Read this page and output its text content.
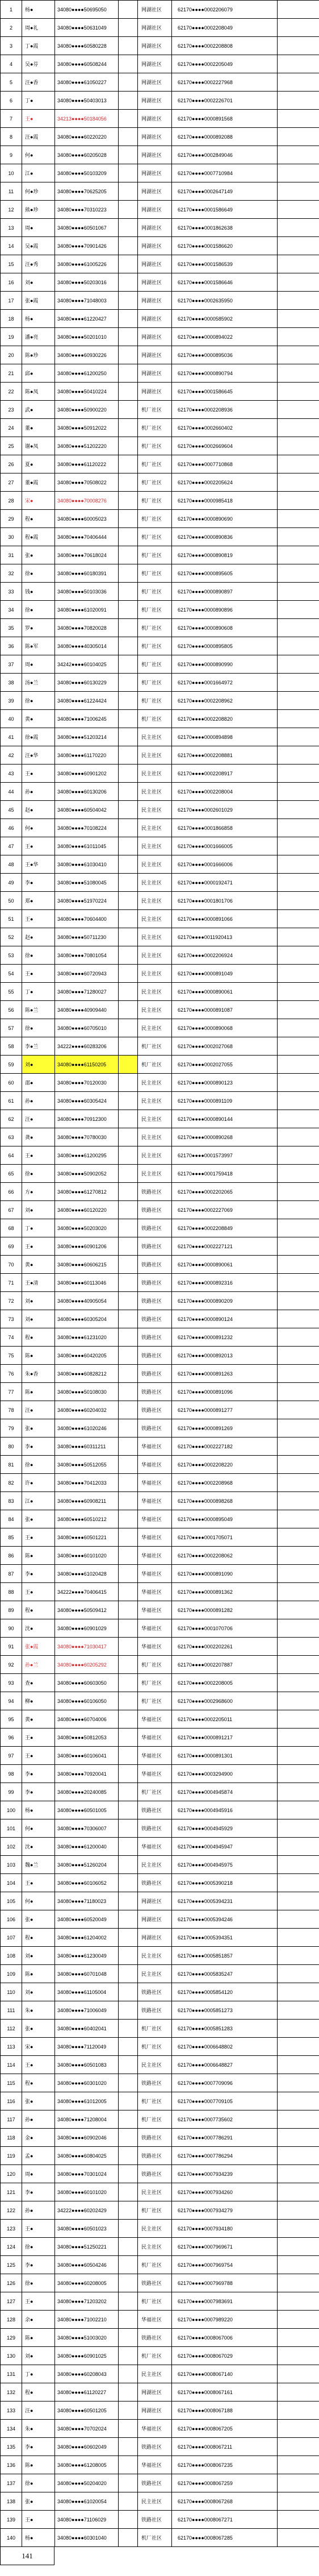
1	杨●	34080●●●●50695050		网湖社区	62170●●●●0002206079	
2	周●礼	34080●●●●50631049		网湖社区	62170●●●●0002208049	
3	丁●霞	34080●●●●60580228		网湖社区	62170●●●●0002208808	
4	吴●芬	34080●●●●60508244		网湖社区	62170●●●●0002205049	
5	汪●香	34080●●●●61050227		网湖社区	62170●●●●0002227968	
6	丁●	34080●●●●50403013		网湖社区	62170●●●●0002226701	
7	王●	34213●●●●50184056		网湖社区	62170●●●●0000891568	
8	汪●霞	34080●●●●60220220		网湖社区	62170●●●●0000892088	
9	何●	34080●●●●60205028		网湖社区	62170●●●●0002849046	
10	江●	34080●●●●50103209		网湖社区	62170●●●●0007710984	
11	何●珍	34080●●●●70625205		网湖社区	62170●●●●0002647149	
12	熊●珍	34080●●●●70310223		网湖社区	62170●●●●0001586649	
13	周●	34080●●●●60501067		网湖社区	62170●●●●0001862638	
14	吴●霞	34080●●●●70901426		网湖社区	62170●●●●0001586620	
15	汪●秀	34080●●●●61005226		网湖社区	62170●●●●0001586539	
16	刘●	34080●●●●50203016		网湖社区	62170●●●●0001586646	
17	张●霞	34080●●●●71048003		网湖社区	62170●●●●0002635950	
18	杨●	34080●●●●61220427		网湖社区	62170●●●●0000585902	
19	潘●亮	34080●●●●50201010		网湖社区	62170●●●●0000894022	
20	陈●珍	34080●●●●60930226		网湖社区	62170●●●●0000895036	
21	邱●	34080●●●●61200250		网湖社区	62170●●●●0000890794	
22	陈●凤	34080●●●●50410224		网湖社区	62170●●●●0001586645	
23	武●	34080●●●●50900220		机厂社区	62170●●●●0002208936	
24	董●	34080●●●●50912022		机厂社区	62170●●●●0002660402	
25	谢●凤	34080●●●●51202220		机厂社区	62170●●●●0002669604	
26	夏●	34080●●●●61120222		机厂社区	62170●●●●0007710868	
27	董●霞	34080●●●●70508022		机厂社区	62170●●●●0002205624	
28	宋●	34080●●●●70008276		机厂社区	62170●●●●0000985418	
29	程●	34080●●●●60005023		机厂社区	62170●●●●0000890690	
30	程●霞	34080●●●●70406444		机厂社区	62170●●●●0000890836	
31	张●	34080●●●●70618024		机厂社区	62170●●●●0000890819	
32	徐●	34080●●●●60180391		机厂社区	62170●●●●0000895605	
33	钱●	34080●●●●50103036		机厂社区	62170●●●●0000890897	
34	徐●	34080●●●●61020091		机厂社区	62170●●●●0000890896	
35	罗●	34080●●●●70820028		机厂社区	62170●●●●0000890608	
36	陈●军	34080●●●●40305014		机厂社区	62170●●●●0000895805	
37	周●	34242●●●●60104025		机厂社区	62170●●●●0000890990	
38	汤●兰	34080●●●●60130229		机厂社区	62170●●●●0001664972	
39	徐●	34080●●●●61224424		机厂社区	62170●●●●0002208962	
40	黄●	34080●●●●71006245		机厂社区	62170●●●●0002208820	
41	徐●霞	34080●●●●51203214		民主社区	62170●●●●0000894898	
42	汪●华	34080●●●●61170220		民主社区	62170●●●●0002208881	
43	王●	34080●●●●60901202		民主社区	62170●●●●0002208917	
44	孙●	34080●●●●60130206		民主社区	62170●●●●0002208004	
45	赵●	34080●●●●60504042		民主社区	62170●●●●0002601029	
46	何●	34080●●●●70108224		民主社区	62170●●●●0001866858	
47	王●	34080●●●●61011045		民主社区	62170●●●●0001666005	
48	王●华	34080●●●●61030410		民主社区	62170●●●●0001666006	
49	李●	34080●●●●51080045		民主社区	62170●●●●0000192471	
50	郑●	34080●●●●51970224		民主社区	62170●●●●0001801706	
51	王●	34080●●●●70604400		民主社区	62170●●●●0000891066	
52	赵●	34080●●●●50711230		民主社区	62170●●●●0011920413	
53	徐●	34080●●●●70801054		民主社区	62170●●●●0002206924	
54	王●	34080●●●●60720943		民主社区	62170●●●●0000891049	
55	丁●	34080●●●●71280027		民主社区	62170●●●●0000890061	
56	陈●兰	34080●●●●40909440		民主社区	62170●●●●0000891087	
57	徐●	34080●●●●60705010		民主社区	62170●●●●0000890068	
58	李●兰	34222●●●●60283206		机厂社区	62170●●●●0002027068	
59	刘●	34080●●●●61150205		机厂社区	62170●●●●0002027055	
60	邵●	34080●●●●70120030		民主社区	62170●●●●0000890123	
61	孙●	34080●●●●60305424		民主社区	62170●●●●0000891109	
62	汪●	34080●●●●70912300		民主社区	62170●●●●0000890144	
63	龚●	34080●●●●70780030		民主社区	62170●●●●0000890268	
64	王●	34080●●●●61200295		民主社区	62170●●●●0001573997	
65	徐●	34080●●●●50902052		民主社区	62170●●●●0001759418	
66	方●	34080●●●●61270812		铁路社区	62170●●●●0002202065	
67	刘●	34080●●●●60120220		铁路社区	62170●●●●0002227069	
68	丁●	34080●●●●50203020		铁路社区	62170●●●●0002208849	
69	王●	34080●●●●60901206		铁路社区	62170●●●●0002227121	
70	黄●	34080●●●●60606215		铁路社区	62170●●●●0000890061	
71	王●清	34080●●●●60113046		铁路社区	62170●●●●0000892316	
72	刘●	34080●●●●40905054		铁路社区	62170●●●●0000890209	
73	刘●	34080●●●●60305204		铁路社区	62170●●●●0000890124	
74	程●	34080●●●●61231020		铁路社区	62170●●●●0000891232	
75	陈●	34080●●●●60420205		铁路社区	62170●●●●0000892013	
76	朱●香	34080●●●●60828212		铁路社区	62170●●●●0000891263	
77	陈●	34080●●●●50108030		铁路社区	62170●●●●0000891096	
78	汪●	34080●●●●60204032		铁路社区	62170●●●●0000891277	
79	张●	34080●●●●61020246		铁路社区	62170●●●●0000891269	
80	李●	34080●●●●60311211		华福社区	62170●●●●0002227182	
81	徐●	34080●●●●50512055		华福社区	62170●●●●0002208220	
82	许●	34080●●●●70412033		华福社区	62170●●●●0002208968	
83	江●	34080●●●●60908211		华福社区	62170●●●●0000898268	
84	张●	34080●●●●60510212		华福社区	62170●●●●0000895049	
85	王●	34080●●●●60501221		华福社区	62170●●●●0001705071	
86	陈●	34080●●●●60101020		华福社区	62170●●●●0002208062	
87	李●	34080●●●●61020428		华福社区	62170●●●●0000891090	
88	王●	34222●●●●70406415		华福社区	62170●●●●0000891362	
89	程●	34080●●●●50509412		华福社区	62170●●●●0000891282	
90	沈●	34080●●●●60901029		华福社区	62170●●●●0001070706	
91	张●霞	34080●●●●71030417		华福社区	62170●●●●0002202261	
92	孙●兰	34080●●●●60205292		机厂社区	62170●●●●0002207887	
93	查●	34080●●●●60603050		机厂社区	62170●●●●0002208005	
94	柳●	34080●●●●60106050		机厂社区	62170●●●●0002968600	
95	黄●	34080●●●●60704006		华福社区	62170●●●●0002205011	
96	王●	34080●●●●50812053		华福社区	62170●●●●0000891217	
97	王●	34080●●●●60106041		华福社区	62170●●●●0000891301	
98	李●	34080●●●●70920041		华福社区	62170●●●●0003294900	
99	李●	34080●●●●20240085		机厂社区	62170●●●●0004945874	
100	杨●	34080●●●●60501005		铁路社区	62170●●●●0004945916	
101	何●	34080●●●●70306007		铁路社区	62170●●●●0004945929	
102	沈●	34080●●●●61200040		华福社区	62170●●●●0004945947	
103	魏●兰	34080●●●●51260204		民主社区	62170●●●●0004945975	
104	王●	34080●●●●60106052		铁路社区	62170●●●●0005390218	
105	何●	34080●●●●71180023		网湖社区	62170●●●●0005394231	
106	张●	34080●●●●60520049		网湖社区	62170●●●●0005394246	
107	程●	34080●●●●61204002		网湖社区	62170●●●●0005394351	
108	刘●	34080●●●●61230049		民主社区	62170●●●●0005851857	
109	陈●	34080●●●●60701048		民主社区	62170●●●●0005835247	
110	刘●	34080●●●●61105004		铁路社区	62170●●●●0005854120	
111	朱●	34080●●●●71006049		铁路社区	62170●●●●0005851273	
112	张●	34080●●●●60402041		机厂社区	62170●●●●0005851283	
113	宋●	34080●●●●71120049		机厂社区	62170●●●●0006648802	
114	王●	34080●●●●60501083		民主社区	62170●●●●0006648827	
115	程●	34080●●●●60301020		铁路社区	62170●●●●0007709096	
116	张●	34080●●●●61012005		机厂社区	62170●●●●0007709105	
117	孙●	34080●●●●71208004		机厂社区	62170●●●●0007735602	
118	金●	34080●●●●60902046		铁路社区	62170●●●●0007786291	
119	孟●	34080●●●●60804025		铁路社区	62170●●●●0007786294	
120	周●	34080●●●●70301024		铁路社区	62170●●●●0007934239	
121	李●	34080●●●●60101020		民主社区	62170●●●●0007934260	
122	孙●	34222●●●●60202429		机厂社区	62170●●●●0007934279	
123	王●	34080●●●●60501023		民主社区	62170●●●●0007934180	
124	徐●	34080●●●●51250221		民主社区	62170●●●●0007969671	
125	李●	34080●●●●60504246		机厂社区	62170●●●●0007969754	
126	徐●	34080●●●●60208005		铁路社区	62170●●●●0007969788	
127	王●	34080●●●●71203202		机厂社区	62170●●●●0007983691	
128	余●	34080●●●●71002210		华福社区	62170●●●●0007989220	
129	陈●	34080●●●●51003020		铁路社区	62170●●●●0008067006	
130	刘●	34080●●●●60901025		机厂社区	62170●●●●0008067029	
131	丁●	34080●●●●60208043		民主社区	62170●●●●0008067140	
132	程●	34080●●●●61120227		网湖社区	62170●●●●0008067161	
133	汪●	34080●●●●60501205		网湖社区	62170●●●●0008067188	
134	朱●	34080●●●●70702024		华福社区	62170●●●●0008067205	
135	李●	34080●●●●60602049		铁路社区	62170●●●●0008067211	
136	陈●	34080●●●●61208005		华福社区	62170●●●●0008067235	
137	徐●	34080●●●●50204020		铁路社区	62170●●●●0008067259	
138	张●	34080●●●●61020054		民主社区	62170●●●●0008067268	
139	王●	34080●●●●71106029		铁路社区	62170●●●●0008067271	
140	杨●	34080●●●●60301040		机厂社区	62170●●●●0008067285	
141
